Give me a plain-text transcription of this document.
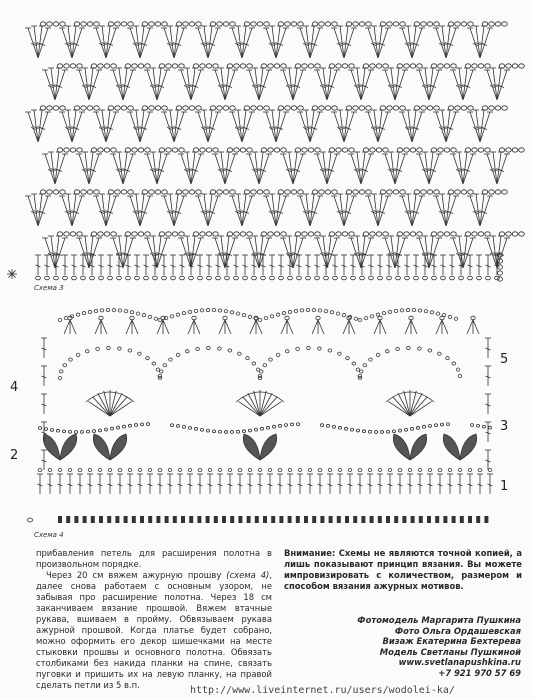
Схема 3
4
2
5
3
1
Схема 4

прибавления петель для расширения полотна в произвольном порядке.

Через 20 см вяжем ажурную прошву (схема 4), далее снова работаем с основным узором, не забывая про расширение полотна. Через 18 см заканчиваем вязание прошвой. Вяжем втачные рукава, вшиваем в пройму. Обвязываем рукава ажурной прошвой. Когда платье будет собрано, можно оформить его декор шишечками на месте стыковки прошвы и основного полотна. Обвязать столбиками без накида планки на спине, связать пуговки и пришить их на левую планку, на правой сделать петли из 5 в.п.

Внимание: Схемы не являются точной копией, а лишь показывают принцип вязания. Вы можете импровизировать с количеством, размером и способом вязания ажурных мотивов.

Фотомодель Маргарита Пушкина
Фото Ольга Ордашевская
Визаж Екатерина Бехтерева
Модель Светланы Пушкиной
www.svetlanapushkina.ru
+7 921 970 57 69
http://www.liveinternet.ru/users/wodolei-ka/
